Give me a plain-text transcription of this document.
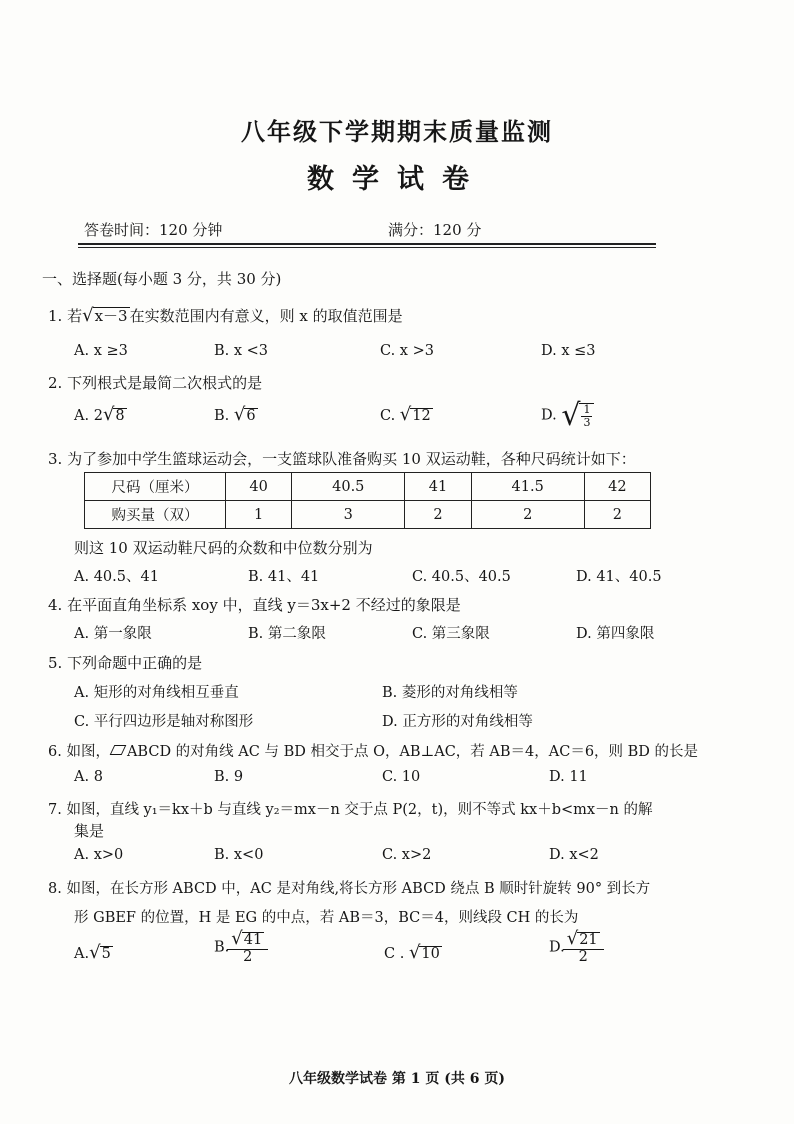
八年级下学期期末质量监测
数学试卷
答卷时间：120 分钟	满分：120 分
一、选择题(每小题 3 分，共 30 分)
1. 若√x－3 在实数范围内有意义，则 x 的取值范围是
A. x ≥3	B. x <3	C. x >3	D. x ≤3
2. 下列根式是最简二次根式的是
A. 2√8	B. √6	C. √12	D. √ $\frac{1}{3}$
3. 为了参加中学生篮球运动会，一支篮球队准备购买 10 双运动鞋，各种尺码统计如下：
尺码（厘米）	40	40.5	41	41.5	42
购买量（双）	1	3	2	2	2
则这 10 双运动鞋尺码的众数和中位数分别为
A. 40.5、41	B. 41、41	C. 40.5、40.5	D. 41、40.5
4. 在平面直角坐标系 xoy 中，直线 y＝3x+2 不经过的象限是
A. 第一象限	B. 第二象限	C. 第三象限	D. 第四象限
5. 下列命题中正确的是
A. 矩形的对角线相互垂直	B. 菱形的对角线相等
C. 平行四边形是轴对称图形	D. 正方形的对角线相等
6. 如图， ABCD 的对角线 AC 与 BD 相交于点 O，AB⊥AC，若 AB＝4，AC＝6，则 BD 的长是
A. 8	B. 9	C. 10	D. 11
7. 如图，直线 y₁＝kx＋b 与直线 y₂＝mx－n 交于点 P(2，t)，则不等式 kx＋b<mx－n 的解
集是
A. x>0	B. x<0	C. x>2	D. x<2
8. 如图，在长方形 ABCD 中，AC 是对角线,将长方形 ABCD 绕点 B 顺时针旋转 90° 到长方
形 GBEF 的位置，H 是 EG 的中点，若 AB＝3，BC＝4，则线段 CH 的长为
A.√5	B. $\frac{√41}{2}$	C . √10	D. $\frac{√21}{2}$
八年级数学试卷 第 1 页 (共 6 页)
